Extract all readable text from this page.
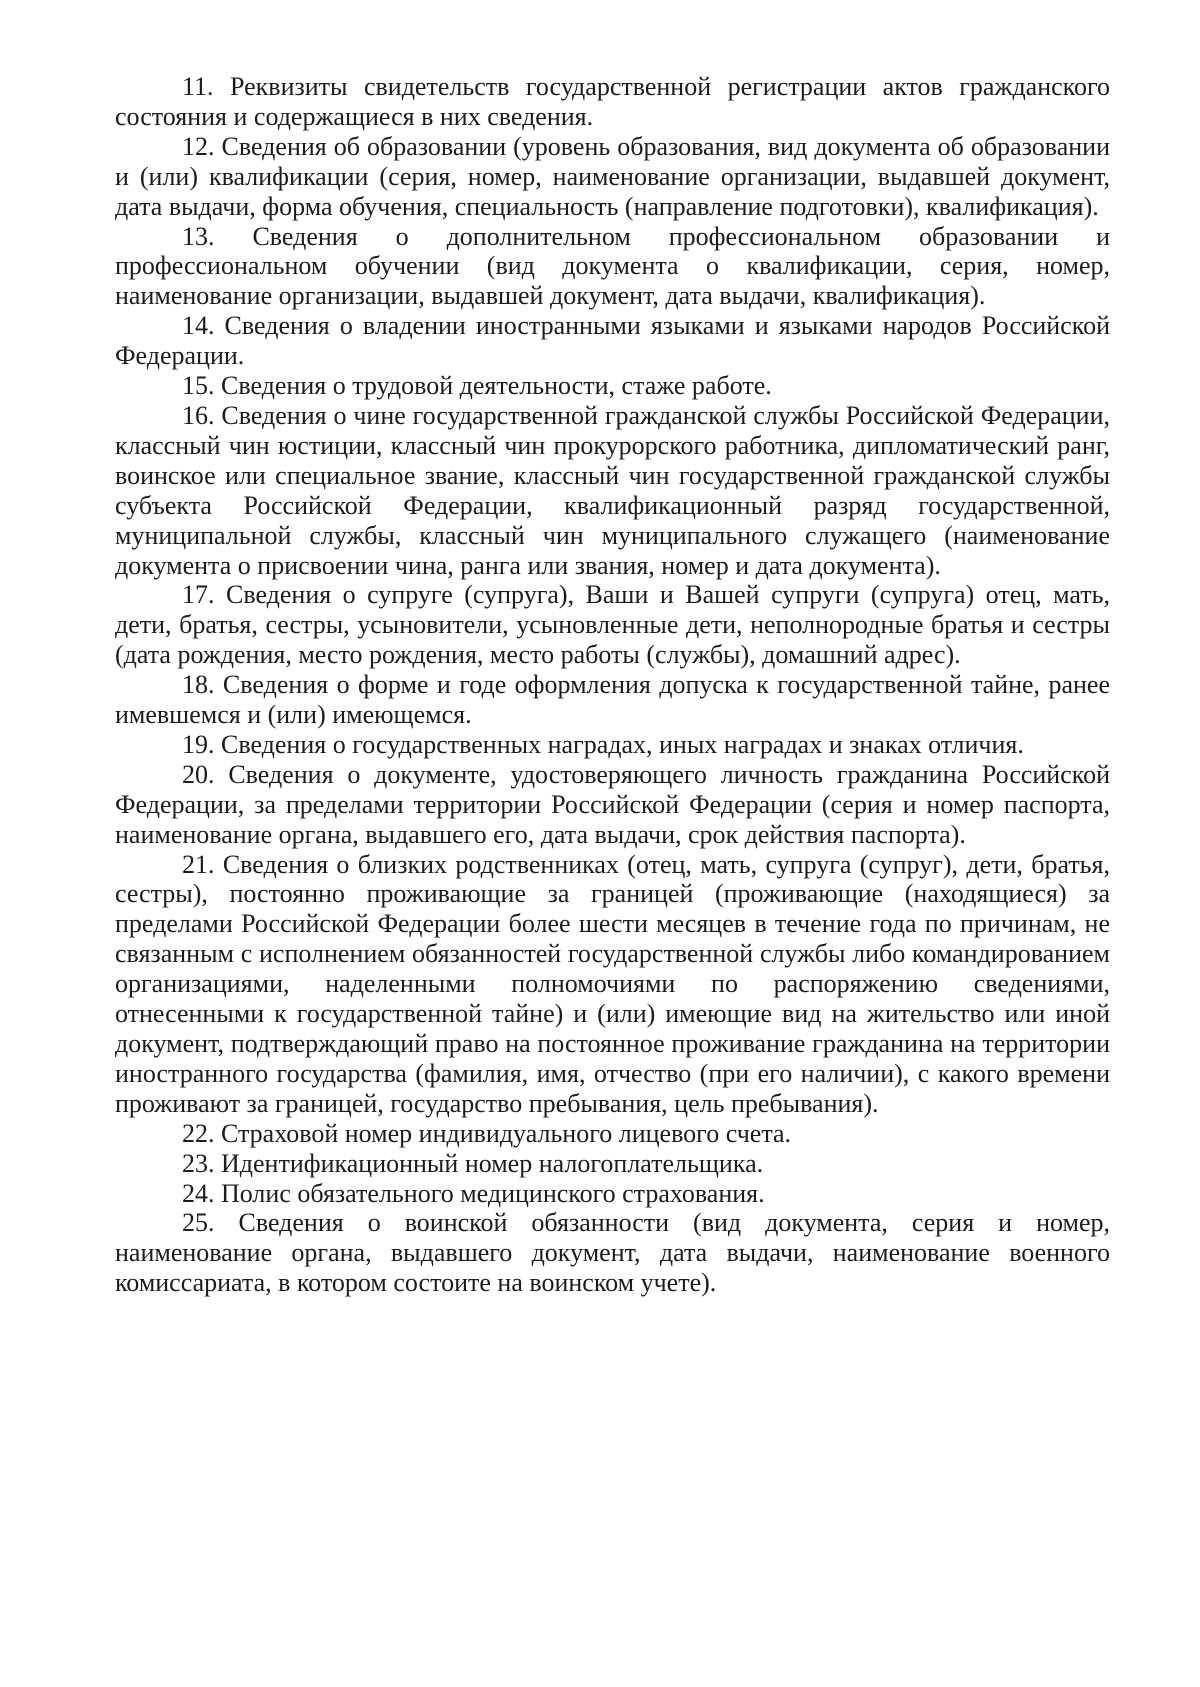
11. Реквизиты свидетельств государственной регистрации актов гражданского состояния и содержащиеся в них сведения.

12. Сведения об образовании (уровень образования, вид документа об образовании и (или) квалификации (серия, номер, наименование организации, выдавшей документ, дата выдачи, форма обучения, специальность (направление подготовки), квалификация).

13. Сведения о дополнительном профессиональном образовании и профессиональном обучении (вид документа о квалификации, серия, номер, наименование организации, выдавшей документ, дата выдачи, квалификация).

14. Сведения о владении иностранными языками и языками народов Российской Федерации.

15. Сведения о трудовой деятельности, стаже работе.

16. Сведения о чине государственной гражданской службы Российской Федерации, классный чин юстиции, классный чин прокурорского работника, дипломатический ранг, воинское или специальное звание, классный чин государственной гражданской службы субъекта Российской Федерации, квалификационный разряд государственной, муниципальной службы, классный чин муниципального служащего (наименование документа о присвоении чина, ранга или звания, номер и дата документа).

17. Сведения о супруге (супруга), Ваши и Вашей супруги (супруга) отец, мать, дети, братья, сестры, усыновители, усыновленные дети, неполнородные братья и сестры (дата рождения, место рождения, место работы (службы), домашний адрес).

18. Сведения о форме и годе оформления допуска к государственной тайне, ранее имевшемся и (или) имеющемся.

19. Сведения о государственных наградах, иных наградах и знаках отличия.

20. Сведения о документе, удостоверяющего личность гражданина Российской Федерации, за пределами территории Российской Федерации (серия и номер паспорта, наименование органа, выдавшего его, дата выдачи, срок действия паспорта).

21. Сведения о близких родственниках (отец, мать, супруга (супруг), дети, братья, сестры), постоянно проживающие за границей (проживающие (находящиеся) за пределами Российской Федерации более шести месяцев в течение года по причинам, не связанным с исполнением обязанностей государственной службы либо командированием организациями, наделенными полномочиями по распоряжению сведениями, отнесенными к государственной тайне) и (или) имеющие вид на жительство или иной документ, подтверждающий право на постоянное проживание гражданина на территории иностранного государства (фамилия, имя, отчество (при его наличии), с какого времени проживают за границей, государство пребывания, цель пребывания).

22. Страховой номер индивидуального лицевого счета.

23. Идентификационный номер налогоплательщика.

24. Полис обязательного медицинского страхования.

25. Сведения о воинской обязанности (вид документа, серия и номер, наименование органа, выдавшего документ, дата выдачи, наименование военного комиссариата, в котором состоите на воинском учете).
